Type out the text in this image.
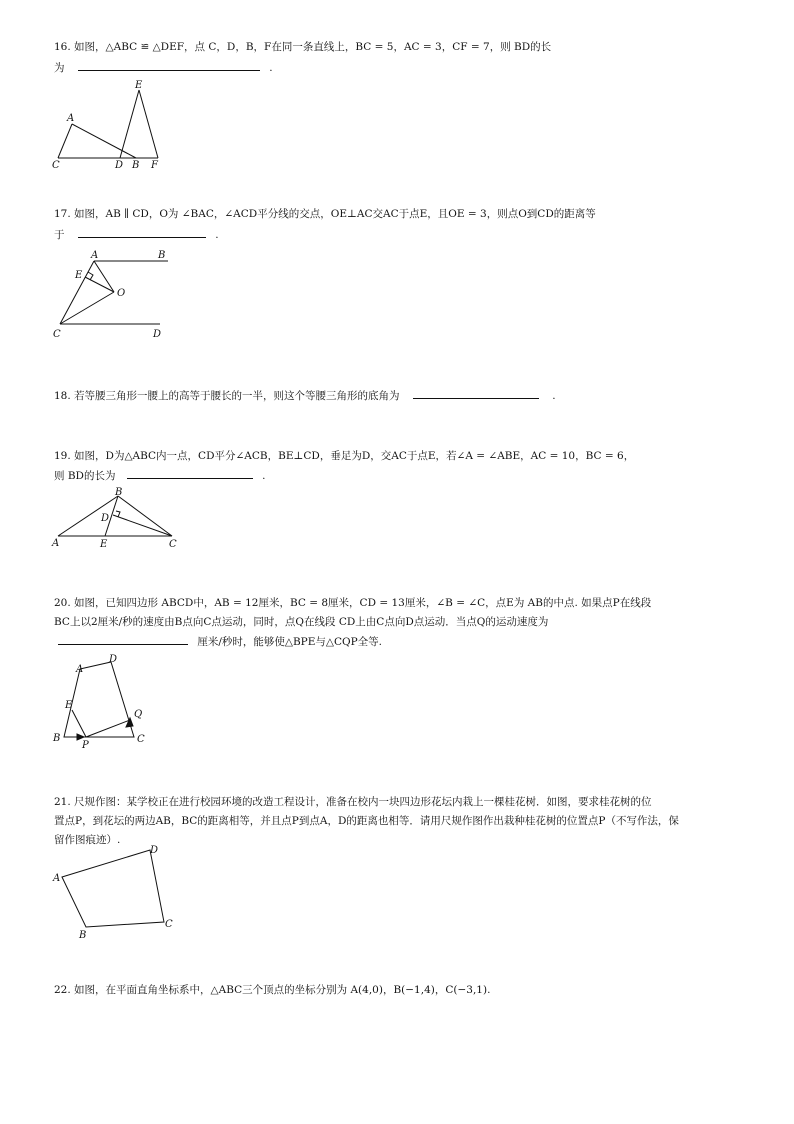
16. 如图，△ABC ≌ △DEF，点 C，D，B，F在同一条直线上，BC = 5，AC = 3，CF = 7，则 BD的长
为	.
A
E
C	D B F
17. 如图，AB ∥ CD，O为 ∠BAC，∠ACD平分线的交点，OE⊥AC交AC于点E，且OE = 3，则点O到CD的距离等
于	.
A	B
E
O
C	D
18. 若等腰三角形一腰上的高等于腰长的一半，则这个等腰三角形的底角为	.
19. 如图，D为△ABC内一点，CD平分∠ACB，BE⊥CD，垂足为D，交AC于点E，若∠A = ∠ABE，AC = 10，BC = 6，
则 BD的长为	.
B
D
A	E	C
20. 如图，已知四边形 ABCD中，AB = 12厘米，BC = 8厘米，CD = 13厘米，∠B = ∠C，点E为 AB的中点. 如果点P在线段
BC上以2厘米/秒的速度由B点向C点运动，同时，点Q在线段 CD上由C点向D点运动．当点Q的运动速度为
厘米/秒时，能够使△BPE与△CQP全等.
A
D
E
Q
B
P
C
21. 尺规作图：某学校正在进行校园环境的改造工程设计，准备在校内一块四边形花坛内栽上一棵桂花树．如图，要求桂花树的位
置点P，到花坛的两边AB，BC的距离相等，并且点P到点A，D的距离也相等．请用尺规作图作出栽种桂花树的位置点P（不写作法，保
留作图痕迹）.
D
A
C
B
22. 如图，在平面直角坐标系中，△ABC三个顶点的坐标分别为 A(4,0)，B(−1,4)，C(−3,1).
